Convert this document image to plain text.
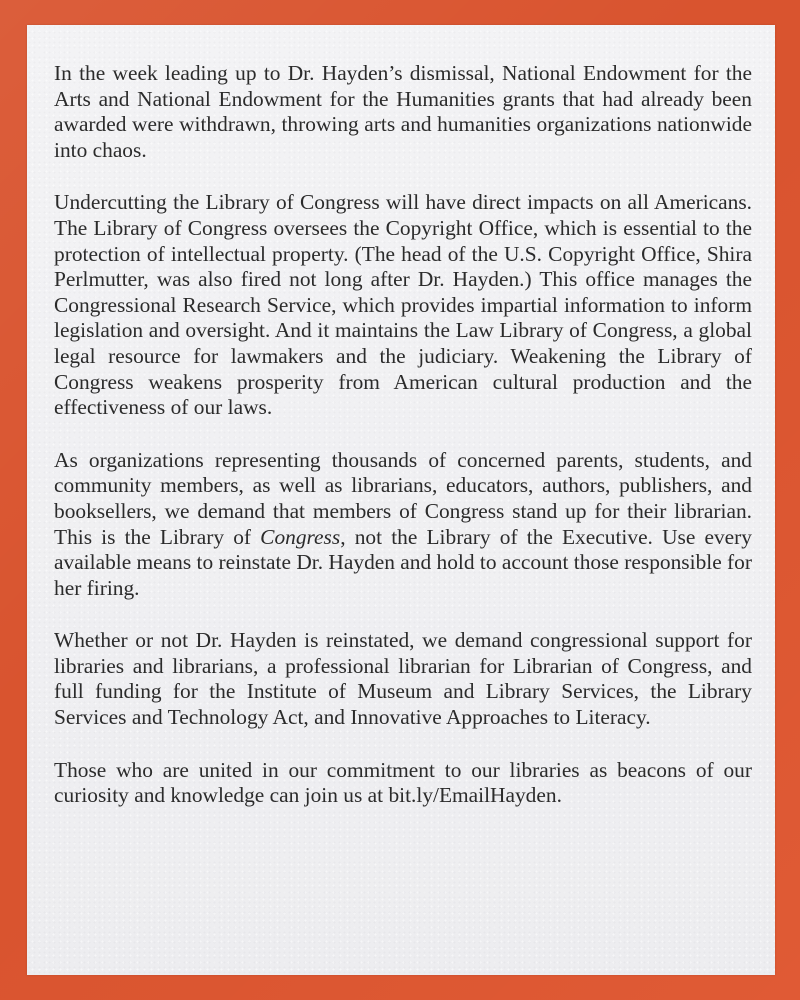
In the week leading up to Dr. Hayden’s dismissal, National Endowment for the Arts and National Endowment for the Humanities grants that had already been awarded were withdrawn, throwing arts and humanities organizations nationwide into chaos.

Undercutting the Library of Congress will have direct impacts on all Americans. The Library of Congress oversees the Copyright Office, which is essential to the protection of intellectual property. (The head of the U.S. Copyright Office, Shira Perlmutter, was also fired not long after Dr. Hayden.) This office manages the Congressional Research Service, which provides impartial information to inform legislation and oversight. And it maintains the Law Library of Congress, a global legal resource for lawmakers and the judiciary. Weakening the Library of Congress weakens prosperity from American cultural production and the effectiveness of our laws.

As organizations representing thousands of concerned parents, students, and community members, as well as librarians, educators, authors, publishers, and booksellers, we demand that members of Congress stand up for their librarian. This is the Library of Congress, not the Library of the Executive. Use every available means to reinstate Dr. Hayden and hold to account those responsible for her firing.

Whether or not Dr. Hayden is reinstated, we demand congressional support for libraries and librarians, a professional librarian for Librarian of Congress, and full funding for the Institute of Museum and Library Services, the Library Services and Technology Act, and Innovative Approaches to Literacy.

Those who are united in our commitment to our libraries as beacons of our curiosity and knowledge can join us at bit.ly/EmailHayden.
